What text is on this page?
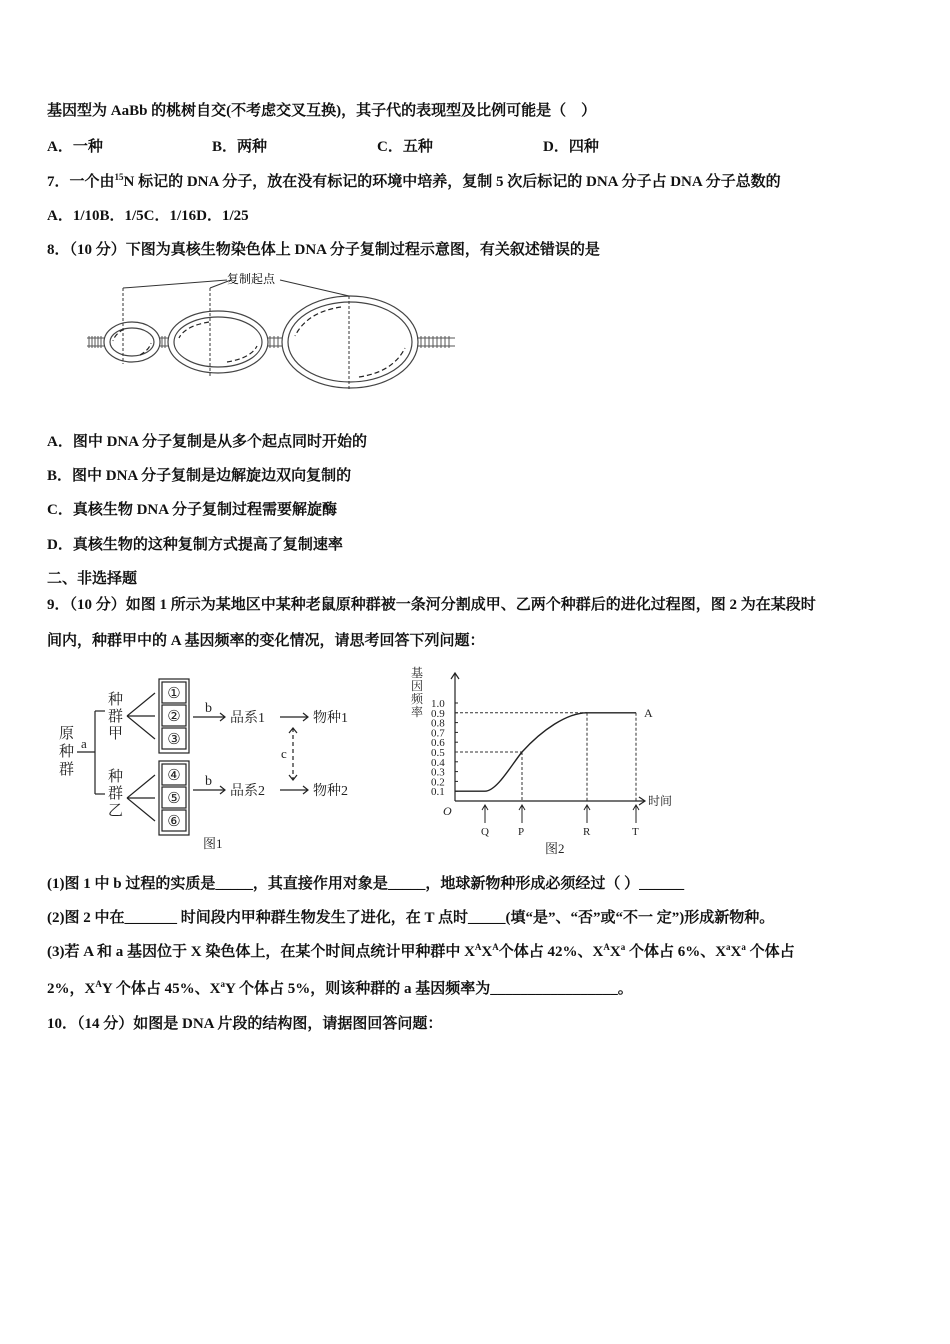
基因型为 AaBb 的桃树自交(不考虑交叉互换)，其子代的表现型及比例可能是（　）
A．一种	B．两种	C．五种	D．四种
7．一个由$^{15}$N 标记的 DNA 分子，放在没有标记的环境中培养，复制 5 次后标记的 DNA 分子占 DNA 分子总数的
A．1/10B．1/5C．1/16D．1/25
8．（10 分）下图为真核生物染色体上 DNA 分子复制过程示意图，有关叙述错误的是
复制起点
A．图中 DNA 分子复制是从多个起点同时开始的
B．图中 DNA 分子复制是边解旋边双向复制的
C．真核生物 DNA 分子复制过程需要解旋酶
D．真核生物的这种复制方式提高了复制速率
二、非选择题
9．（10 分）如图 1 所示为某地区中某种老鼠原种群被一条河分割成甲、乙两个种群后的进化过程图，图 2 为在某段时
间内，种群甲中的 A 基因频率的变化情况，请思考回答下列问题：
原
种
群
a
种
群
甲
种
群
乙
①
②
③
④
⑤
⑥
b
b
品系1
品系2
物种1
物种2
c
图1
基
因
频
率
1.0
0.9
0.8
0.7
0.6
0.5
0.4
0.3
0.2
0.1
A
Q	P	R	T
O
时间
图2
(1)图 1 中 b 过程的实质是_____，其直接作用对象是_____，地球新物种形成必须经过（ ）______
(2)图 2 中在_______ 时间段内甲种群生物发生了进化，在 T 点时_____(填“是”、“否”或“不一 定”)形成新物种。
(3)若 A 和 a 基因位于 X 染色体上，在某个时间点统计甲种群中 $X^AX^A$个体占 42%、$X^AX^a$ 个体占 6%、$X^aX^a$ 个体占
2%，$X^AY$ 个体占 45%、$X^aY$ 个体占 5%，则该种群的 a 基因频率为_________________。
10．（14 分）如图是 DNA 片段的结构图，请据图回答问题：
